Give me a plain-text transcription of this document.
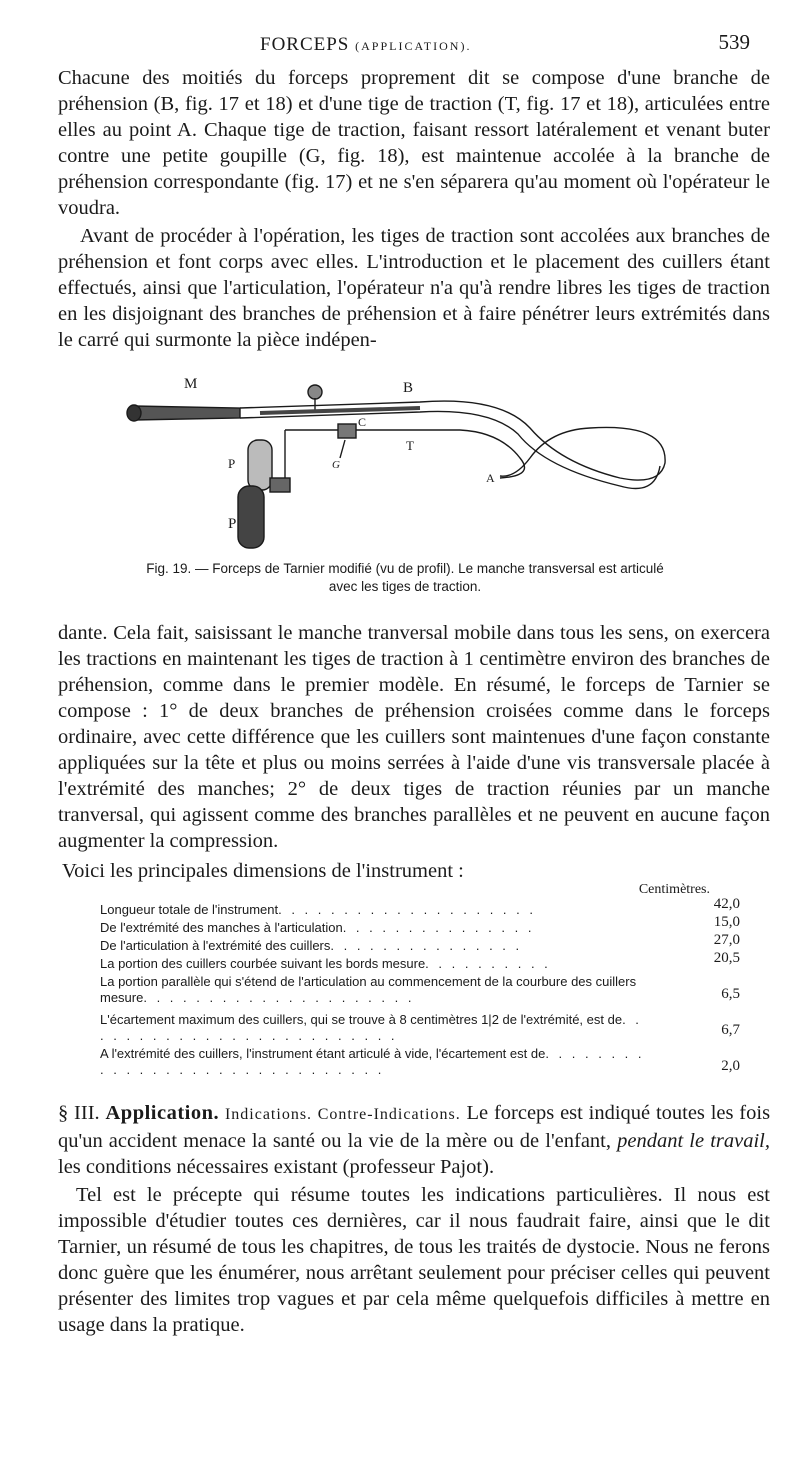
FORCEPS (APPLICATION).	539

Chacune des moitiés du forceps proprement dit se compose d'une branche de préhension (B, fig. 17 et 18) et d'une tige de traction (T, fig. 17 et 18), articulées entre elles au point A. Chaque tige de traction, faisant ressort latéralement et venant buter contre une petite goupille (G, fig. 18), est maintenue accolée à la branche de préhension correspondante (fig. 17) et ne s'en séparera qu'au moment où l'opérateur le voudra.

Avant de procéder à l'opération, les tiges de traction sont accolées aux branches de préhension et font corps avec elles. L'introduction et le placement des cuillers étant effectués, ainsi que l'articulation, l'opérateur n'a qu'à rendre libres les tiges de traction en les disjoignant des branches de préhension et à faire pénétrer leurs extrémités dans le carré qui surmonte la pièce indépen-

M	B
C
T
A
P
P
G
Fig. 19. — Forceps de Tarnier modifié (vu de profil). Le manche transversal est articulé
avec les tiges de traction.

dante. Cela fait, saisissant le manche tranversal mobile dans tous les sens, on exercera les tractions en maintenant les tiges de traction à 1 centimètre environ des branches de préhension, comme dans le premier modèle. En résumé, le forceps de Tarnier se compose : 1° de deux branches de préhension croisées comme dans le forceps ordinaire, avec cette différence que les cuillers sont maintenues d'une façon constante appliquées sur la tête et plus ou moins serrées à l'aide d'une vis transversale placée à l'extrémité des manches; 2° de deux tiges de traction réunies par un manche tranversal, qui agissent comme des branches parallèles et ne peuvent en aucune façon augmenter la compression.

Voici les principales dimensions de l'instrument :

Centimètres.
Longueur totale de l'instrument. . . . . . . . . . . . . . . . . . . .	42,0
De l'extrémité des manches à l'articulation. . . . . . . . . . . . . . .	15,0
De l'articulation à l'extrémité des cuillers. . . . . . . . . . . . . . .	27,0
La portion des cuillers courbée suivant les bords mesure. . . . . . . . . .	20,5
La portion parallèle qui s'étend de l'articulation au commencement de la courbure des cuillers mesure. . . . . . . . . . . . . . . . . . . . .	6,5
L'écartement maximum des cuillers, qui se trouve à 8 centimètres 1|2 de l'extrémité, est de. . . . . . . . . . . . . . . . . . . . . . . . .	6,7
A l'extrémité des cuillers, l'instrument étant articulé à vide, l'écartement est de. . . . . . . . . . . . . . . . . . . . . . . . . . . . . .	2,0

§ III. Application. Indications. Contre-Indications. Le forceps est indiqué toutes les fois qu'un accident menace la santé ou la vie de la mère ou de l'enfant, pendant le travail, les conditions nécessaires existant (professeur Pajot).

Tel est le précepte qui résume toutes les indications particulières. Il nous est impossible d'étudier toutes ces dernières, car il nous faudrait faire, ainsi que le dit Tarnier, un résumé de tous les chapitres, de tous les traités de dystocie. Nous ne ferons donc guère que les énumérer, nous arrêtant seulement pour préciser celles qui peuvent présenter des limites trop vagues et par cela même quelquefois difficiles à mettre en usage dans la pratique.
